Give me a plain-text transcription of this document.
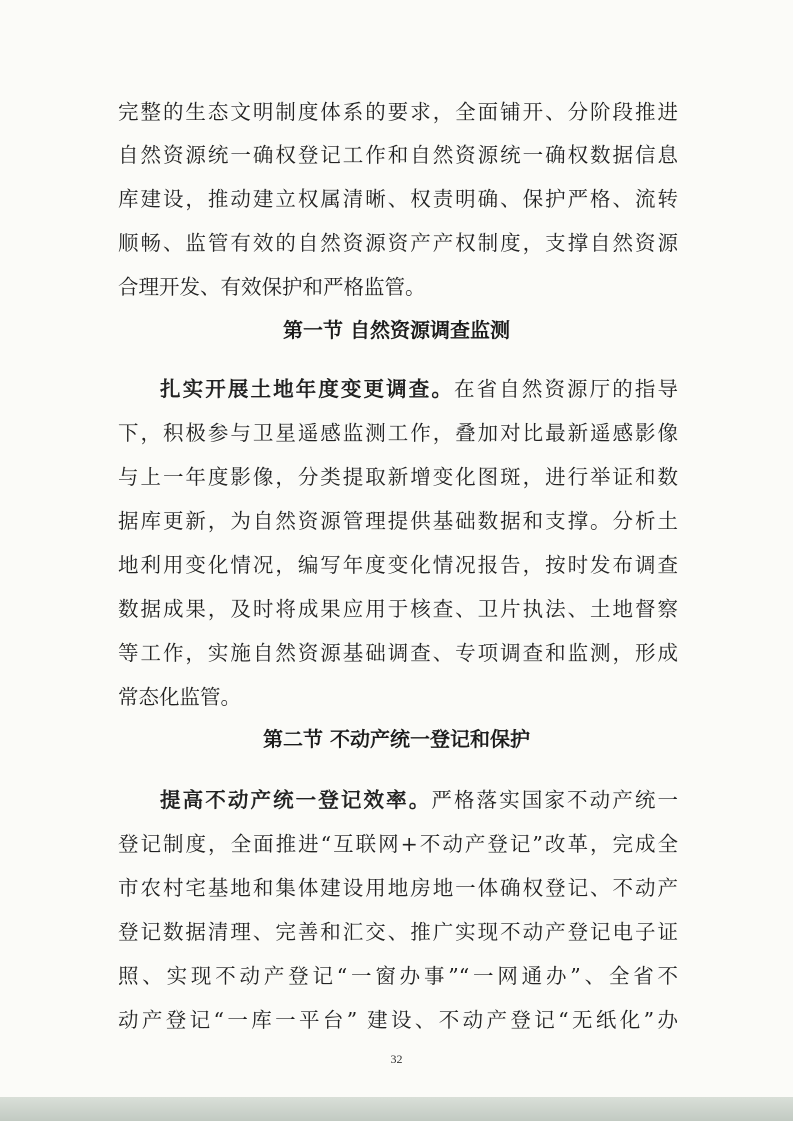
完整的生态文明制度体系的要求，全面铺开、分阶段推进
自然资源统一确权登记工作和自然资源统一确权数据信息
库建设，推动建立权属清晰、权责明确、保护严格、流转
顺畅、监管有效的自然资源资产产权制度，支撑自然资源
合理开发、有效保护和严格监管。
第一节 自然资源调查监测
扎实开展土地年度变更调查。在省自然资源厅的指导
下，积极参与卫星遥感监测工作，叠加对比最新遥感影像
与上一年度影像，分类提取新增变化图斑，进行举证和数
据库更新，为自然资源管理提供基础数据和支撑。分析土
地利用变化情况，编写年度变化情况报告，按时发布调查
数据成果，及时将成果应用于核查、卫片执法、土地督察
等工作，实施自然资源基础调查、专项调查和监测，形成
常态化监管。
第二节 不动产统一登记和保护
提高不动产统一登记效率。严格落实国家不动产统一
登记制度，全面推进“互联网+不动产登记”改革，完成全
市农村宅基地和集体建设用地房地一体确权登记、不动产
登记数据清理、完善和汇交、推广实现不动产登记电子证
照、实现不动产登记“一窗办事”“一网通办”、全省不
动产登记“一库一平台” 建设、不动产登记“无纸化”办
32
